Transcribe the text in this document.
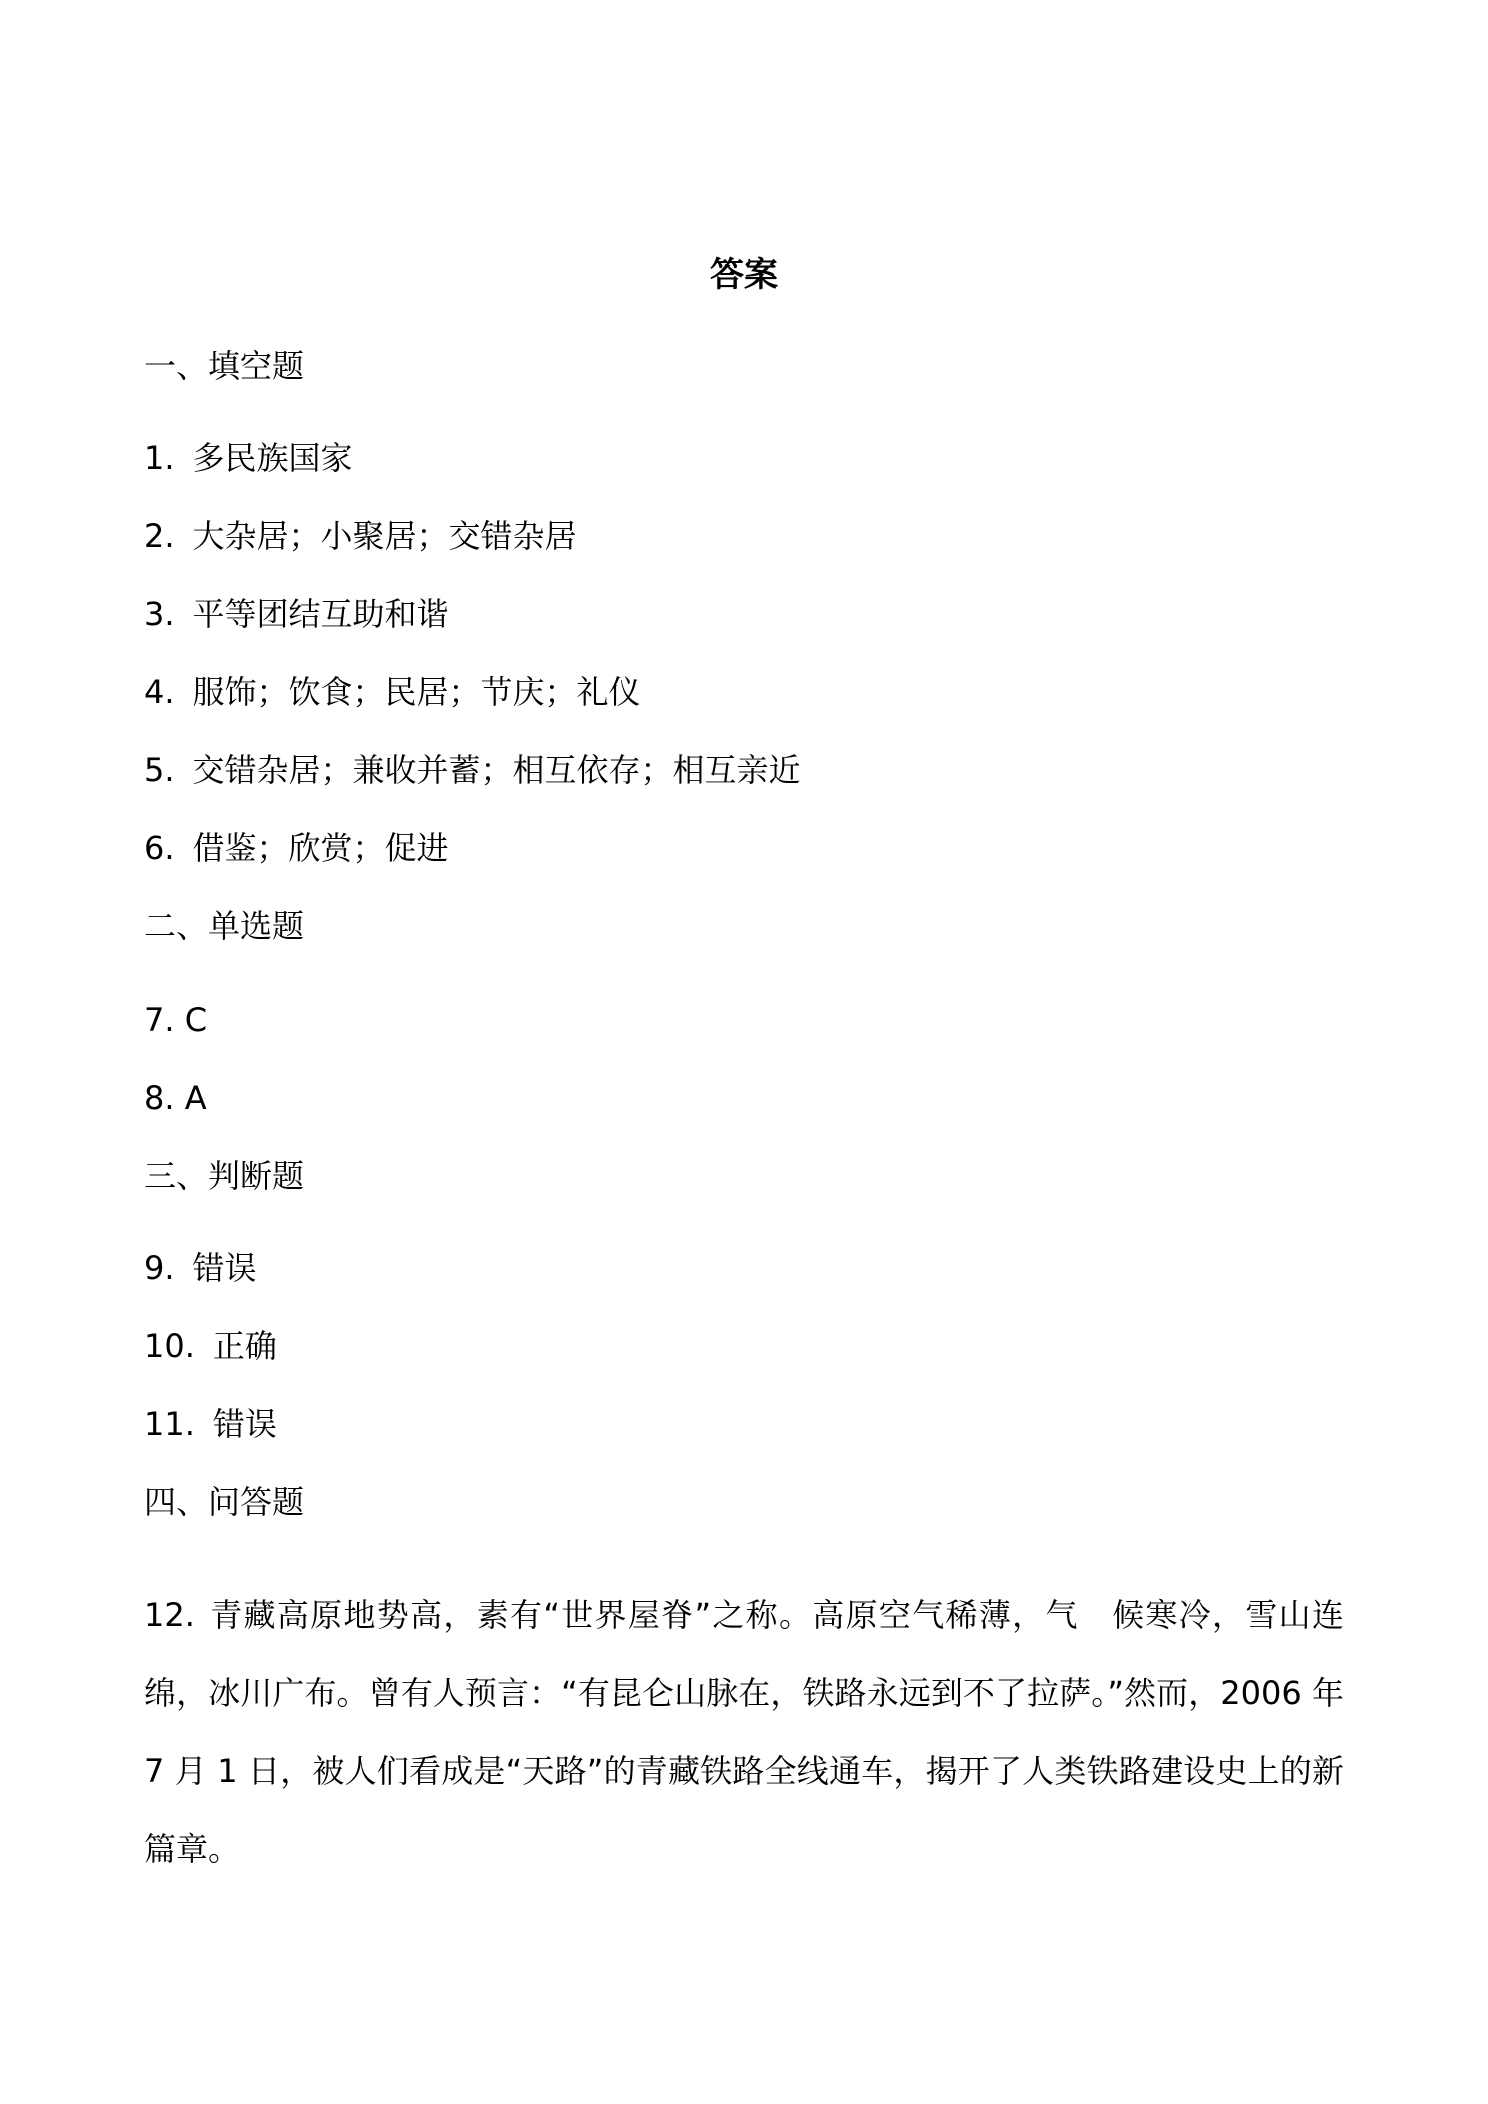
答案
一、填空题
1. 多民族国家
2. 大杂居；小聚居；交错杂居
3. 平等团结互助和谐
4. 服饰；饮食；民居；节庆；礼仪
5. 交错杂居；兼收并蓄；相互依存；相互亲近
6. 借鉴；欣赏；促进
二、单选题
7. C
8. A
三、判断题
9. 错误
10. 正确
11. 错误
四、问答题
12. 青藏高原地势高，素有“世界屋脊”之称。高原空气稀薄，气　候寒冷，雪山连绵，冰川广布。曾有人预言：“有昆仑山脉在，铁路永远到不了拉萨。”然而，2006 年 7 月 1 日，被人们看成是“天路”的青藏铁路全线通车，揭开了人类铁路建设史上的新篇章。
